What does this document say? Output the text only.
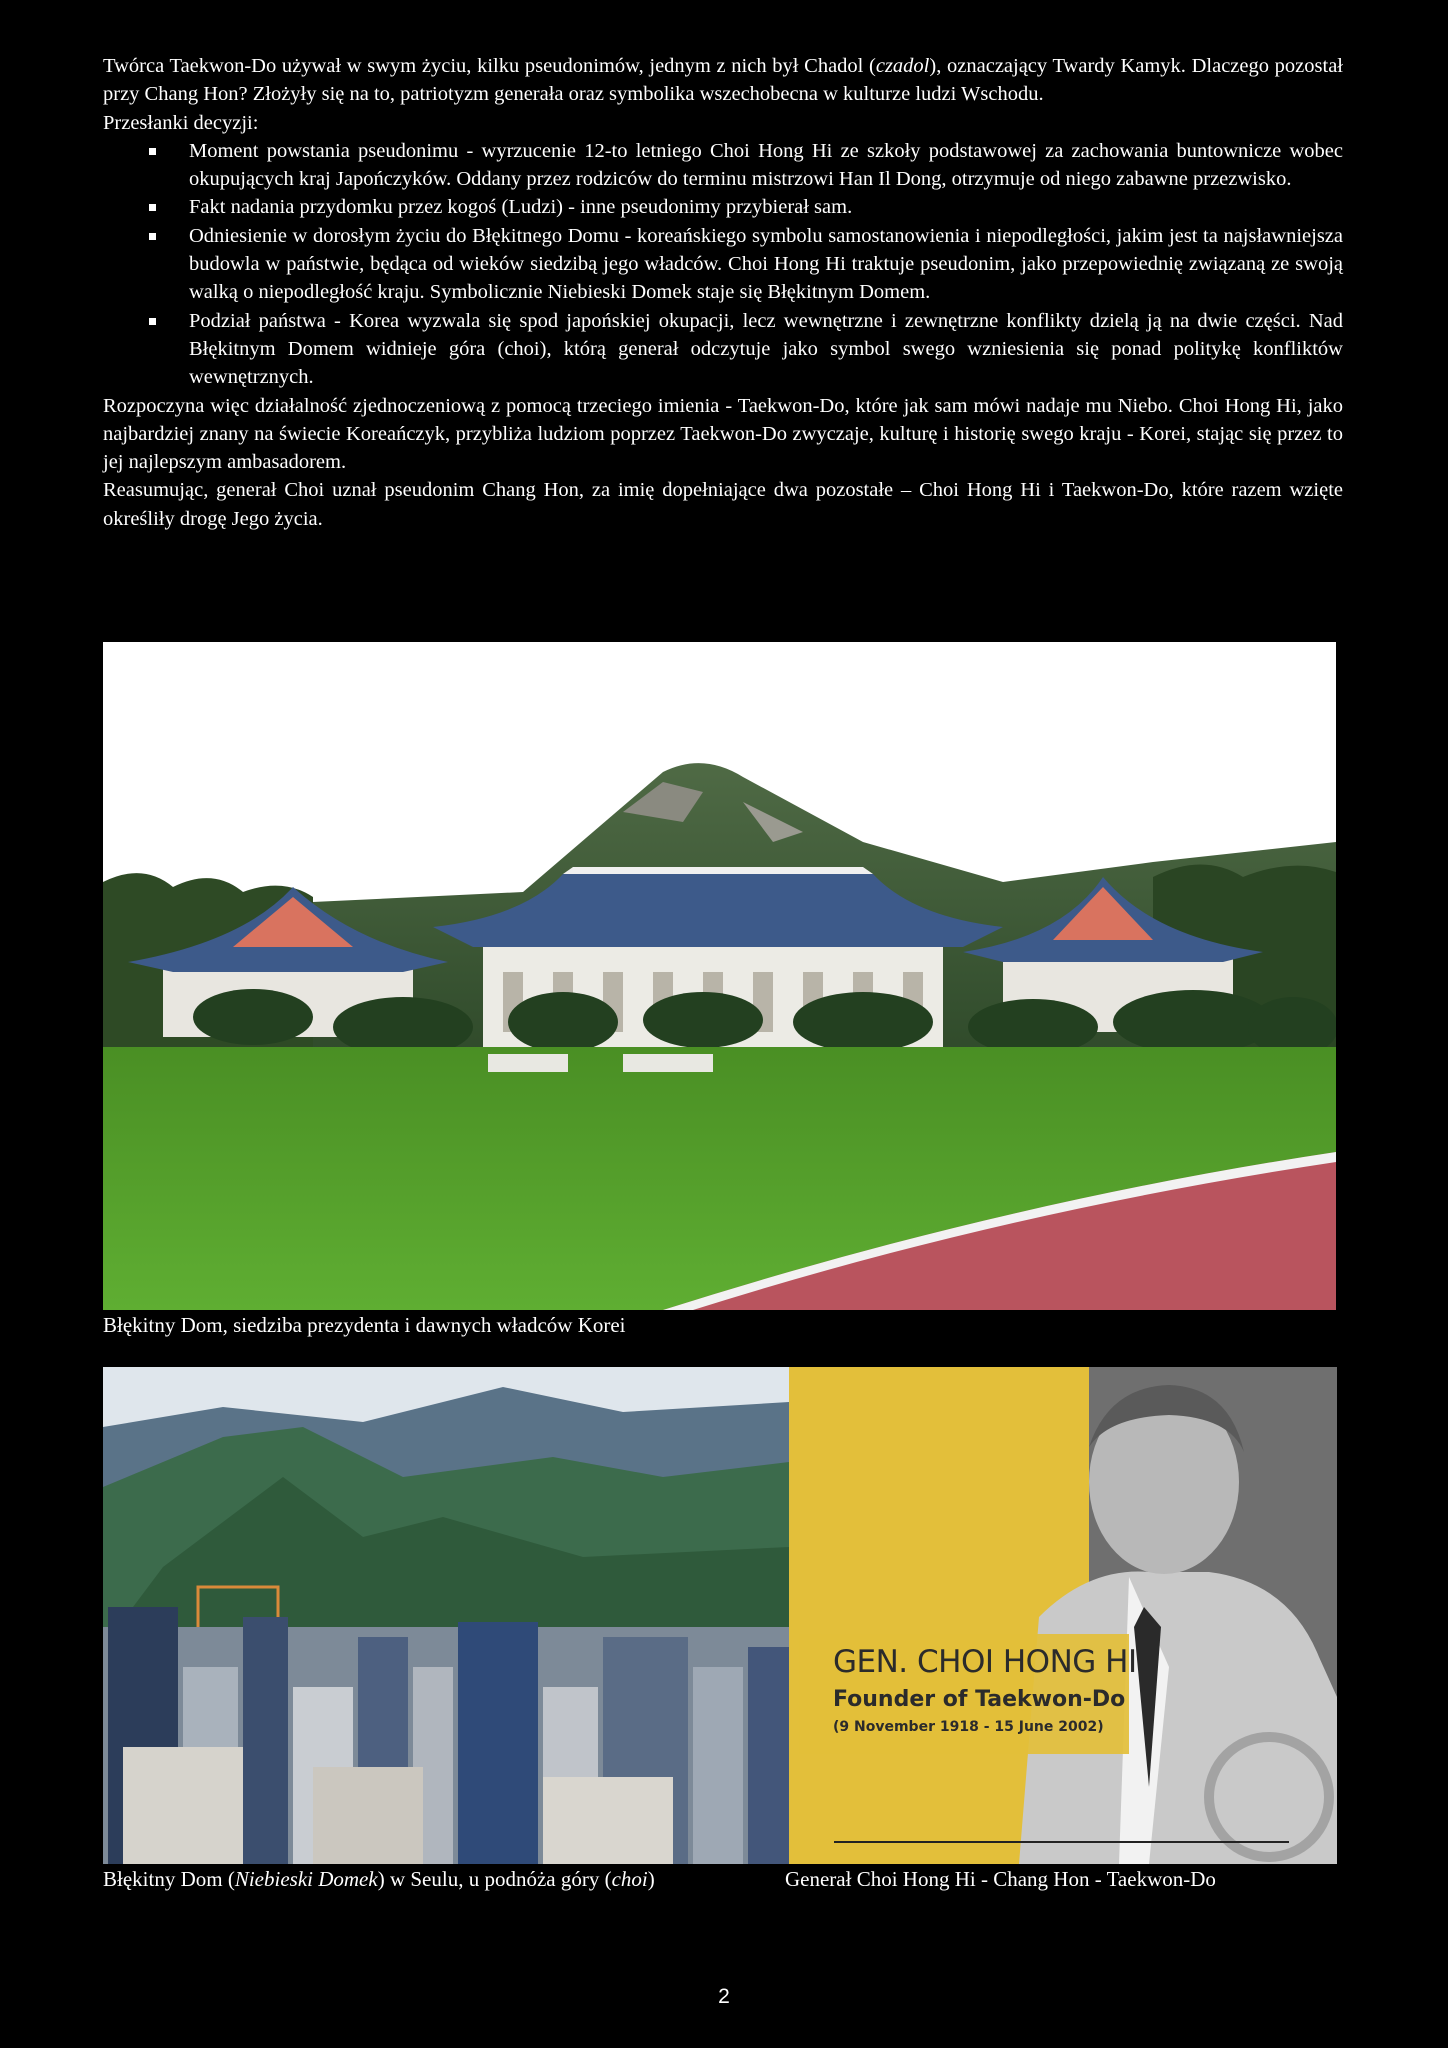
Twórca Taekwon-Do używał w swym życiu, kilku pseudonimów, jednym z nich był Chadol (czadol), oznaczający Twardy Kamyk. Dlaczego pozostał przy Chang Hon? Złożyły się na to, patriotyzm generała oraz symbolika wszechobecna w kulturze ludzi Wschodu.

Przesłanki decyzji:

Moment powstania pseudonimu - wyrzucenie 12-to letniego Choi Hong Hi ze szkoły podstawowej za zachowania buntownicze wobec okupujących kraj Japończyków. Oddany przez rodziców do terminu mistrzowi Han Il Dong, otrzymuje od niego zabawne przezwisko.
Fakt nadania przydomku przez kogoś (Ludzi) - inne pseudonimy przybierał sam.
Odniesienie w dorosłym życiu do Błękitnego Domu - koreańskiego symbolu samostanowienia i niepodległości, jakim jest ta najsławniejsza budowla w państwie, będąca od wieków siedzibą jego władców. Choi Hong Hi traktuje pseudonim, jako przepowiednię związaną ze swoją walką o niepodległość kraju. Symbolicznie Niebieski Domek staje się Błękitnym Domem.
Podział państwa - Korea wyzwala się spod japońskiej okupacji, lecz wewnętrzne i zewnętrzne konflikty dzielą ją na dwie części. Nad Błękitnym Domem widnieje góra (choi), którą generał odczytuje jako symbol swego wzniesienia się ponad politykę konfliktów wewnętrznych.

Rozpoczyna więc działalność zjednoczeniową z pomocą trzeciego imienia - Taekwon-Do, które jak sam mówi nadaje mu Niebo. Choi Hong Hi, jako najbardziej znany na świecie Koreańczyk, przybliża ludziom poprzez Taekwon-Do zwyczaje, kulturę i historię swego kraju - Korei, stając się przez to jej najlepszym ambasadorem.

Reasumując, generał Choi uznał pseudonim Chang Hon, za imię dopełniające dwa pozostałe – Choi Hong Hi i Taekwon-Do, które razem wzięte określiły drogę Jego życia.

Błękitny Dom, siedziba prezydenta i dawnych władców Korei
GEN. CHOI HONG HI
Founder of Taekwon-Do
(9 November 1918 - 15 June 2002)
Błękitny Dom (Niebieski Domek) w Seulu, u podnóża góry (choi)	Generał Choi Hong Hi - Chang Hon - Taekwon-Do
2
